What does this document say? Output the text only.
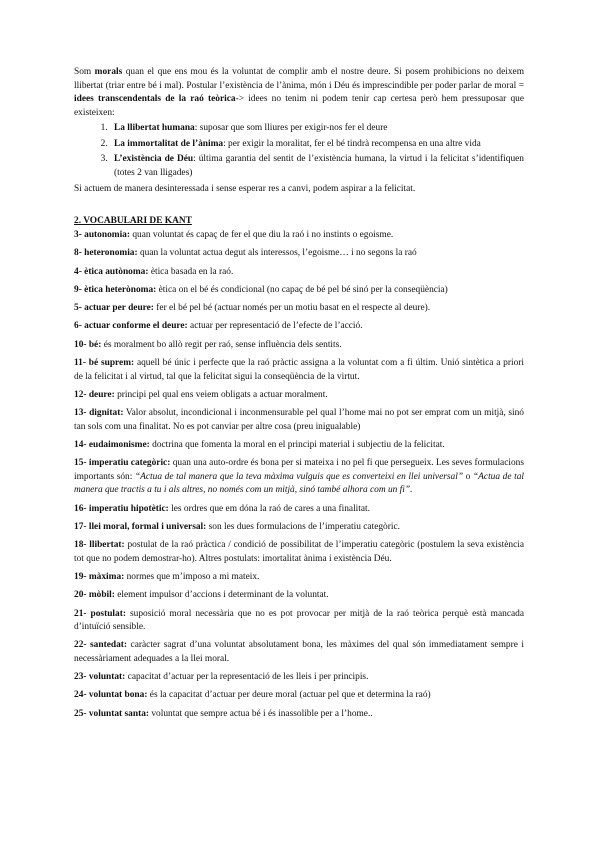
Som morals quan el que ens mou és la voluntat de complir amb el nostre deure. Si posem prohibicions no deixem llibertat (triar entre bé i mal). Postular l’existència de l’ànima, món i Déu és imprescindible per poder parlar de moral = idees transcendentals de la raó teòrica-> idees no tenim ni podem tenir cap certesa però hem pressuposar que existeixen:

1. La llibertat humana: suposar que som lliures per exigir-nos fer el deure
2. La immortalitat de l’ànima: per exigir la moralitat, fer el bé tindrà recompensa en una altre vida
3. L’existència de Déu: última garantia del sentit de l’existència humana, la virtud i la felicitat s’identifiquen (totes 2 van lligades)

Si actuem de manera desinteressada i sense esperar res a canvi, podem aspirar a la felicitat.

2. VOCABULARI DE KANT

3- autonomia: quan voluntat és capaç de fer el que diu la raó i no instints o egoisme.

8- heteronomia: quan la voluntat actua degut als interessos, l’egoisme… i no segons la raó

4- ètica autònoma: ètica basada en la raó.

9- ètica heterònoma: ètica on el bé és condicional (no capaç de bé pel bé sinó per la conseqüència)

5- actuar per deure: fer el bé pel bé (actuar només per un motiu basat en el respecte al deure).

6- actuar conforme el deure: actuar per representació de l’efecte de l’acció.

10- bé: és moralment bo allò regit per raó, sense influència dels sentits.

11- bé suprem: aquell bé únic i perfecte que la raó pràctic assigna a la voluntat com a fi últim. Unió sintètica a priori de la felicitat i al virtud, tal que la felicitat sigui la conseqüència de la virtut.

12- deure: principi pel qual ens veiem obligats a actuar moralment.

13- dignitat: Valor absolut, incondicional i inconmensurable pel qual l’home mai no pot ser emprat com un mitjà, sinó tan sols com una finalitat. No es pot canviar per altre cosa (preu inigualable)

14- eudaimonisme: doctrina que fomenta la moral en el principi material i subjectiu de la felicitat.

15- imperatiu categòric: quan una auto-ordre és bona per si mateixa i no pel fi que persegueix. Les seves formulacions importants són: “Actua de tal manera que la teva màxima vulguis que es converteixi en llei universal” o “Actua de tal manera que tractis a tu i als altres, no només com un mitjà, sinó també alhora com un fi”.

16- imperatiu hipotètic: les ordres que em dóna la raó de cares a una finalitat.

17- llei moral, formal i universal: son les dues formulacions de l’imperatiu categòric.

18- llibertat: postulat de la raó pràctica / condició de possibilitat de l’imperatiu categòric (postulem la seva existència tot que no podem demostrar-ho). Altres postulats: imortalitat ànima i existència Déu.

19- màxima: normes que m’imposo a mi mateix.

20- mòbil: element impulsor d’accions i determinant de la voluntat.

21- postulat: suposició moral necessària que no es pot provocar per mitjà de la raó teòrica perquè està mancada d’intuïció sensible.

22- santedat: caràcter sagrat d’una voluntat absolutament bona, les màximes del qual són immediatament sempre i necessàriament adequades a la llei moral.

23- voluntat: capacitat d’actuar per la representació de les lleis i per principis.

24- voluntat bona: és la capacitat d’actuar per deure moral (actuar pel que et determina la raó)

25- voluntat santa: voluntat que sempre actua bé i és inassolible per a l’home..
